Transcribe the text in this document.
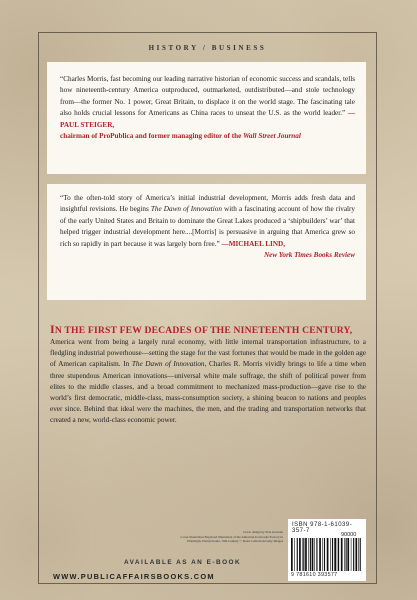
HISTORY / BUSINESS

“Charles Morris, fast becoming our leading narrative historian of economic success and scandals, tells how nineteenth-century America outproduced, outmarketed, outdistributed—and stole technology from—the former No. 1 power, Great Britain, to displace it on the world stage. The fascinating tale also holds crucial lessons for Americans as China races to unseat the U.S. as the world leader.” —PAUL STEIGER,

chairman of ProPublica and former managing editor of the Wall Street Journal

“To the often-told story of America’s initial industrial development, Morris adds fresh data and insightful revisions. He begins The Dawn of Innovation with a fascinating account of how the rivalry of the early United States and Britain to dominate the Great Lakes produced a ‘shipbuilders’ war’ that helped trigger industrial development here....[Morris] is persuasive in arguing that America grew so rich so rapidly in part because it was largely born free.” —MICHAEL LIND,

New York Times Books Review

IN THE FIRST FEW DECADES OF THE NINETEENTH CENTURY,

America went from being a largely rural economy, with little internal transportation infrastructure, to a fledgling industrial powerhouse—setting the stage for the vast fortunes that would be made in the golden age of American capitalism. In The Dawn of Innovation, Charles R. Morris vividly brings to life a time when three stupendous American innovations—universal white male suffrage, the shift of political power from elites to the middle classes, and a broad commitment to mechanized mass-production—gave rise to the world’s first democratic, middle-class, mass-consumption society, a shining beacon to nations and peoples ever since. Behind that ideal were the machines, the men, and the trading and transportation networks that created a new, world-class economic power.

Cover design by Pete Garceau
Cover illustration Engraved illustration of the American Ironworks Factory in
Pittsburgh, Pennsylvania, 19th Century © Kean Collection/Getty Images
AVAILABLE AS AN E-BOOK
WWW.PUBLICAFFAIRSBOOKS.COM
ISBN 978-1-61039-357-7
90000
9 781610 393577
